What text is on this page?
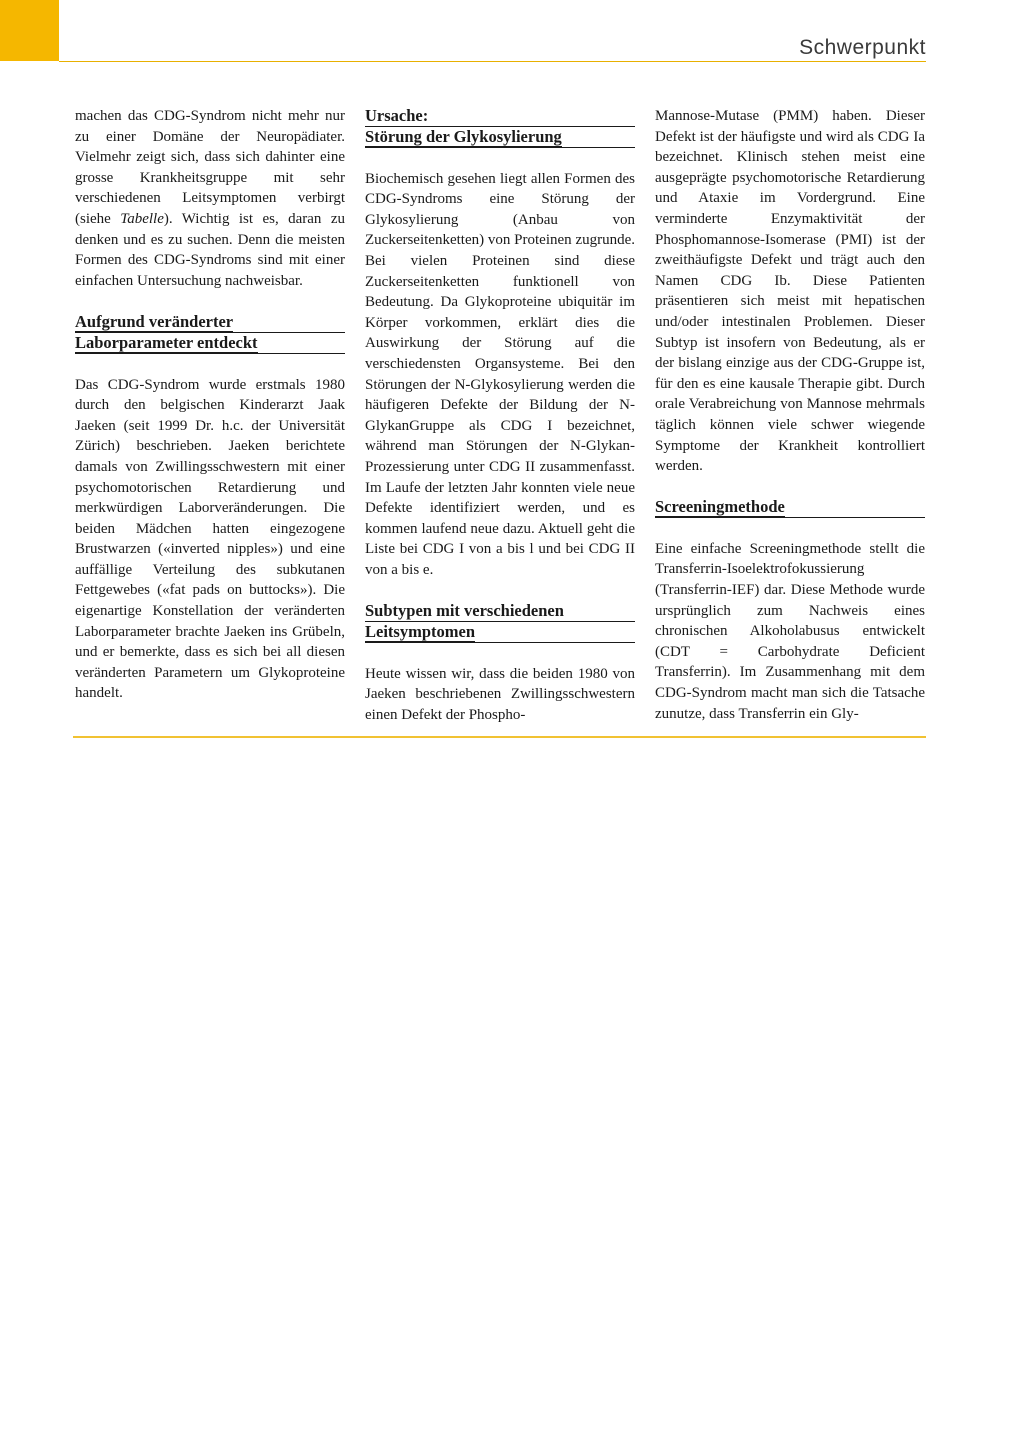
Schwerpunkt

machen das CDG-Syndrom nicht mehr nur zu einer Domäne der Neuropädiater. Vielmehr zeigt sich, dass sich dahinter eine grosse Krankheitsgruppe mit sehr verschiedenen Leitsymptomen verbirgt (siehe Tabelle). Wichtig ist es, daran zu denken und es zu suchen. Denn die meisten Formen des CDG-Syndroms sind mit einer einfachen Untersuchung nachweisbar.

Aufgrund veränderter
Laborparameter entdeckt

Das CDG-Syndrom wurde erstmals 1980 durch den belgischen Kinderarzt Jaak Jaeken (seit 1999 Dr. h.c. der Universität Zürich) beschrieben. Jaeken berichtete damals von Zwillingsschwestern mit einer psychomotorischen Retardierung und merkwürdigen Laborveränderungen. Die beiden Mädchen hatten eingezogene Brustwarzen («inverted nipples») und eine auffällige Verteilung des subkutanen Fettgewebes («fat pads on buttocks»). Die eigenartige Konstellation der veränderten Laborparameter brachte Jaeken ins Grübeln, und er bemerkte, dass es sich bei all diesen veränderten Parametern um Glykoproteine handelt.

Ursache:
Störung der Glykosylierung

Biochemisch gesehen liegt allen Formen des CDG-Syndroms eine Störung der Glykosylierung (Anbau von Zuckerseitenketten) von Proteinen zugrunde. Bei vielen Proteinen sind diese Zuckerseitenketten funktionell von Bedeutung. Da Glykoproteine ubiquitär im Körper vorkommen, erklärt dies die Auswirkung der Störung auf die verschiedensten Organsysteme. Bei den Störungen der N-Glykosylierung werden die häufigeren Defekte der Bildung der N-GlykanGruppe als CDG I bezeichnet, während man Störungen der N-Glykan-Prozessierung unter CDG II zusammenfasst. Im Laufe der letzten Jahr konnten viele neue Defekte identifiziert werden, und es kommen laufend neue dazu. Aktuell geht die Liste bei CDG I von a bis l und bei CDG II von a bis e.

Subtypen mit verschiedenen
Leitsymptomen

Heute wissen wir, dass die beiden 1980 von Jaeken beschriebenen Zwillingsschwestern einen Defekt der Phospho-

Mannose-Mutase (PMM) haben. Dieser Defekt ist der häufigste und wird als CDG Ia bezeichnet. Klinisch stehen meist eine ausgeprägte psychomotorische Retardierung und Ataxie im Vordergrund. Eine verminderte Enzymaktivität der Phosphomannose-Isomerase (PMI) ist der zweithäufigste Defekt und trägt auch den Namen CDG Ib. Diese Patienten präsentieren sich meist mit hepatischen und/oder intestinalen Problemen. Dieser Subtyp ist insofern von Bedeutung, als er der bislang einzige aus der CDG-Gruppe ist, für den es eine kausale Therapie gibt. Durch orale Verabreichung von Mannose mehrmals täglich können viele schwer wiegende Symptome der Krankheit kontrolliert werden.

Screeningmethode

Eine einfache Screeningmethode stellt die Transferrin-Isoelektrofokussierung (Transferrin-IEF) dar. Diese Methode wurde ursprünglich zum Nachweis eines chronischen Alkoholabusus entwickelt (CDT = Carbohydrate Deficient Transferrin). Im Zusammenhang mit dem CDG-Syndrom macht man sich die Tatsache zunutze, dass Transferrin ein Gly-
